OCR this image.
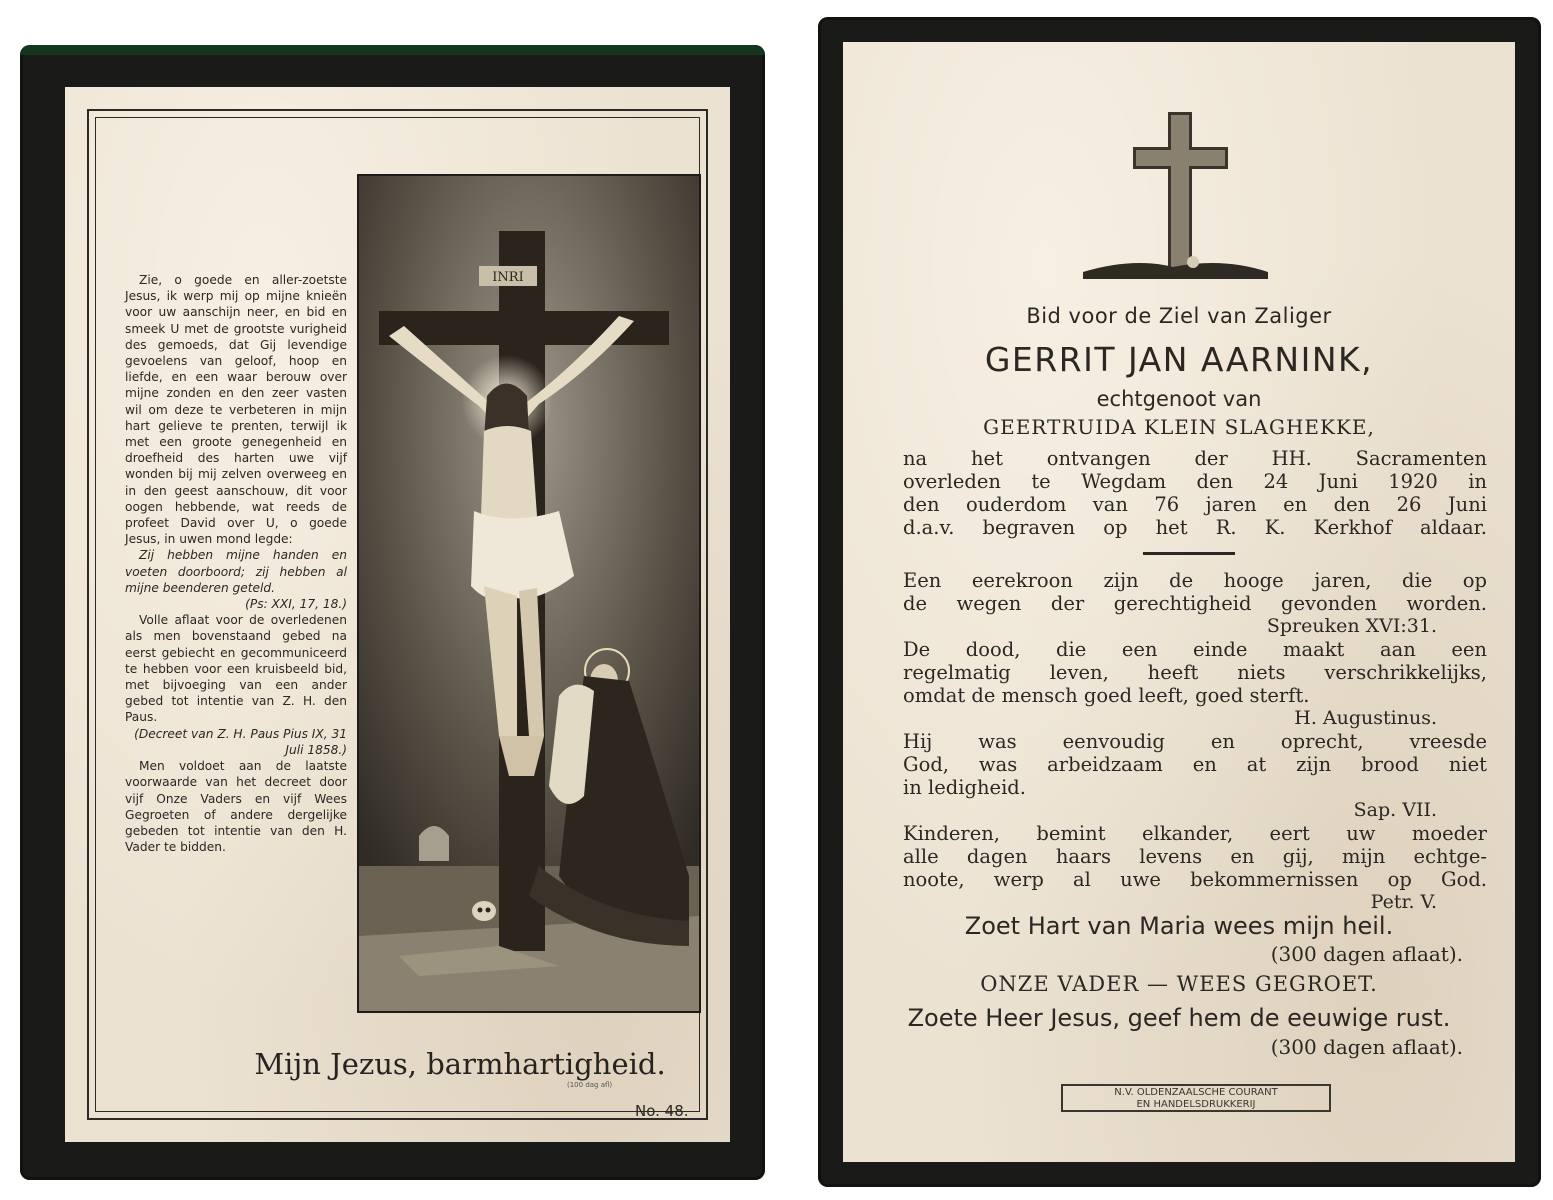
Zie, o goede en aller-zoetste Jesus, ik werp mij op mijne knieën voor uw aanschijn neer, en bid en smeek U met de grootste vurigheid des gemoeds, dat Gij levendige gevoelens van geloof, hoop en liefde, en een waar berouw over mijne zonden en den zeer vasten wil om deze te verbeteren in mijn hart gelieve te prenten, terwijl ik met een groote genegenheid en droefheid des harten uwe vijf wonden bij mij zelven overweeg en in den geest aanschouw, dit voor oogen hebbende, wat reeds de profeet David over U, o goede Jesus, in uwen mond legde:

Zij hebben mijne handen en voeten doorboord; zij hebben al mijne beenderen geteld.

(Ps: XXI, 17, 18.)

Volle aflaat voor de overledenen als men bovenstaand gebed na eerst gebiecht en gecommuniceerd te hebben voor een kruisbeeld bid, met bijvoeging van een ander gebed tot intentie van Z. H. den Paus.

(Decreet van Z. H. Paus Pius IX, 31 Juli 1858.)

Men voldoet aan de laatste voorwaarde van het decreet door vijf Onze Vaders en vijf Wees Gegroeten of andere dergelijke gebeden tot intentie van den H. Vader te bidden.

INRI
Mijn Jezus, barmhartigheid.
(100 dag afl)
No. 48.
Bid voor de Ziel van Zaliger
GERRIT JAN AARNINK,
echtgenoot van
GEERTRUIDA KLEIN SLAGHEKKE,
na het ontvangen der HH. Sacramenten
overleden te Wegdam den 24 Juni 1920 in
den ouderdom van 76 jaren en den 26 Juni
d.a.v. begraven op het R. K. Kerkhof aldaar.
Een eerekroon zijn de hooge jaren, die op
de wegen der gerechtigheid gevonden worden.
Spreuken XVI:31.
De dood, die een einde maakt aan een
regelmatig leven, heeft niets verschrikkelijks,
omdat de mensch goed leeft, goed sterft.
H. Augustinus.
Hij was eenvoudig en oprecht, vreesde
God, was arbeidzaam en at zijn brood niet
in ledigheid.
Sap. VII.
Kinderen, bemint elkander, eert uw moeder
alle dagen haars levens en gij, mijn echtge-
noote, werp al uwe bekommernissen op God.
Petr. V.
Zoet Hart van Maria wees mijn heil.
(300 dagen aflaat).
ONZE VADER — WEES GEGROET.
Zoete Heer Jesus, geef hem de eeuwige rust.
(300 dagen aflaat).
N.V. OLDENZAALSCHE COURANT
EN HANDELSDRUKKERIJ
